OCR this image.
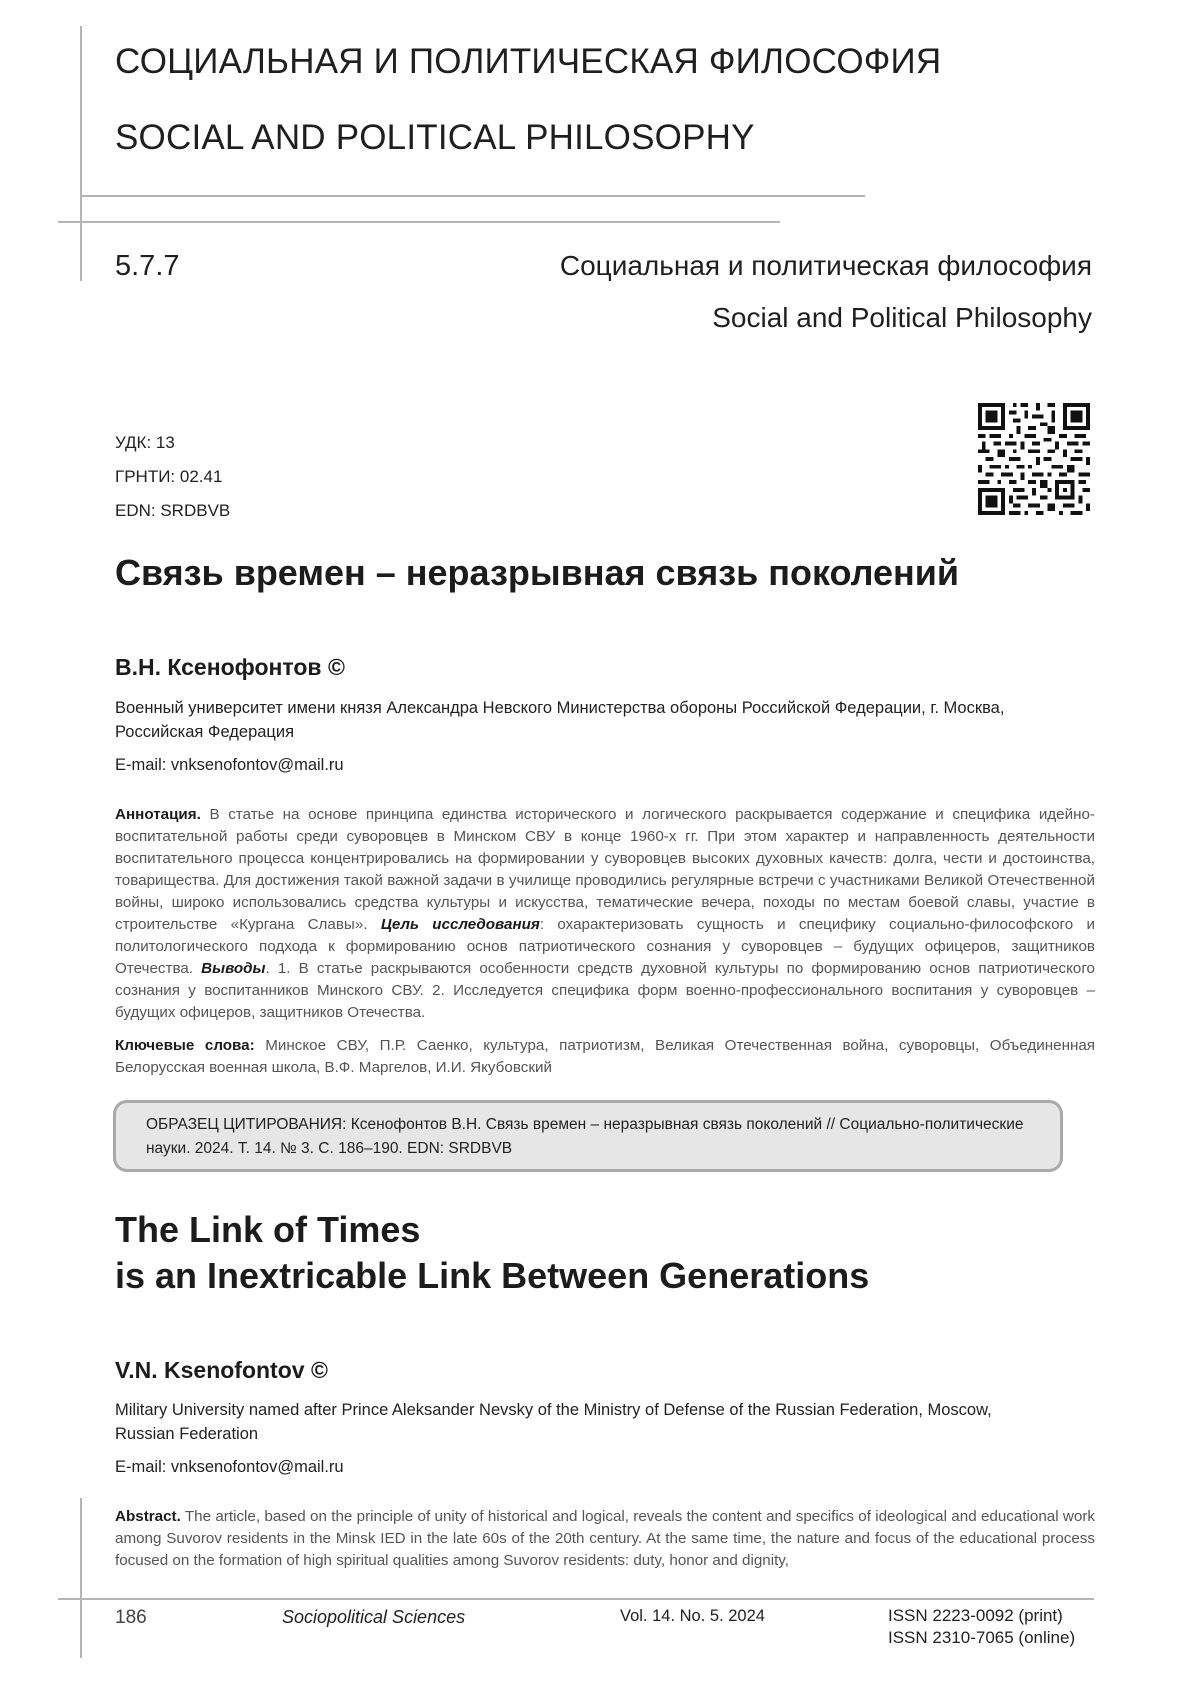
СОЦИАЛЬНАЯ И ПОЛИТИЧЕСКАЯ ФИЛОСОФИЯ
SOCIAL AND POLITICAL PHILOSOPHY
5.7.7	Социальная и политическая философия
Social and Political Philosophy
УДК: 13
ГРНТИ: 02.41
EDN: SRDBVB
Связь времен – неразрывная связь поколений
В.Н. Ксенофонтов ©
Военный университет имени князя Александра Невского Министерства обороны Российской Федерации, г. Москва, Российская Федерация
E-mail: vnksenofontov@mail.ru
Аннотация. В статье на основе принципа единства исторического и логического раскрывается содержание и специфика идейно-воспитательной работы среди суворовцев в Минском СВУ в конце 1960-х гг. При этом характер и направленность деятельности воспитательного процесса концентрировались на формировании у суворовцев высоких духовных качеств: долга, чести и достоинства, товарищества. Для достижения такой важной задачи в училище проводились регулярные встречи с участниками Великой Отечественной войны, широко использовались средства культуры и искусства, тематические вечера, походы по местам боевой славы, участие в строительстве «Кургана Славы». Цель исследования: охарактеризовать сущность и специфику социально-философского и политологического подхода к формированию основ патриотического сознания у суворовцев – будущих офицеров, защитников Отечества. Выводы. 1. В статье раскрываются особенности средств духовной культуры по формированию основ патриотического сознания у воспитанников Минского СВУ. 2. Исследуется специфика форм военно-профессионального воспитания у суворовцев – будущих офицеров, защитников Отечества.
Ключевые слова: Минское СВУ, П.Р. Саенко, культура, патриотизм, Великая Отечественная война, суворовцы, Объединенная Белорусская военная школа, В.Ф. Маргелов, И.И. Якубовский
ОБРАЗЕЦ ЦИТИРОВАНИЯ: Ксенофонтов В.Н. Связь времен – неразрывная связь поколений // Социально-политические науки. 2024. Т. 14. № 3. С. 186–190. EDN: SRDBVB
The Link of Times
is an Inextricable Link Between Generations
V.N. Ksenofontov ©
Military University named after Prince Aleksander Nevsky of the Ministry of Defense of the Russian Federation, Moscow, Russian Federation
E-mail: vnksenofontov@mail.ru
Abstract. The article, based on the principle of unity of historical and logical, reveals the content and specifics of ideological and educational work among Suvorov residents in the Minsk IED in the late 60s of the 20th century. At the same time, the nature and focus of the educational process focused on the formation of high spiritual qualities among Suvorov residents: duty, honor and dignity,
186	Sociopolitical Sciences	Vol. 14. No. 5. 2024	ISSN 2223-0092 (print)
ISSN 2310-7065 (online)
